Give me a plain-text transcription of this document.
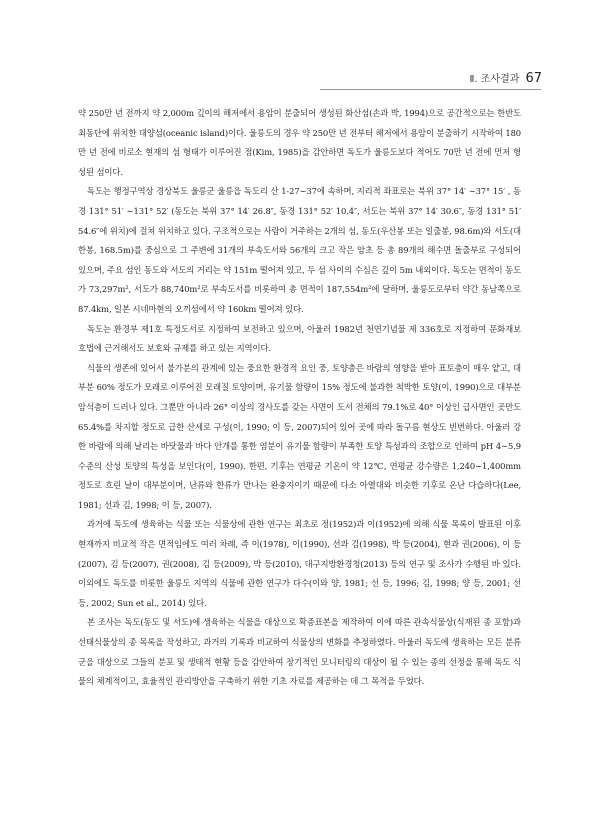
Ⅱ. 조사결과 67

약 250만 년 전까지 약 2,000m 깊이의 해저에서 용암이 분출되어 생성된 화산섬(손과 박, 1994)으로 공간적으로는 한반도 최동단에 위치한 대양섬(oceanic island)이다. 울릉도의 경우 약 250만 년 전부터 해저에서 용암이 분출하기 시작하여 180만 년 전에 비로소 현재의 섬 형태가 이루어진 점(Kim, 1985)을 감안하면 독도가 울릉도보다 적어도 70만 년 전에 먼저 형성된 섬이다.

독도는 행정구역상 경상북도 울릉군 울릉읍 독도리 산 1-27∼37에 속하며, 지리적 좌표로는 북위 37° 14′ ∼37° 15′ , 동경 131° 51′ ∼131° 52′ (동도는 북위 37° 14′ 26.8″, 동경 131° 52′ 10.4″, 서도는 북위 37° 14′ 30.6″, 동경 131° 51′ 54.6″에 위치)에 걸쳐 위치하고 있다. 구조적으로는 사람이 거주하는 2개의 섬, 동도(우산봉 또는 일출봉, 98.6m)와 서도(대한봉, 168.5m)를 중심으로 그 주변에 31개의 부속도서와 56개의 크고 작은 암초 등 총 89개의 해수면 돌출부로 구성되어 있으며, 주요 섬인 동도와 서도의 거리는 약 151m 떨어져 있고, 두 섬 사이의 수심은 깊이 5m 내외이다. 독도는 면적이 동도가 73,297m², 서도가 88,740m²로 부속도서를 비롯하여 총 면적이 187,554m²에 달하며, 울릉도로부터 약간 동남쪽으로 87.4km, 일본 시네마현의 오끼섬에서 약 160km 떨어져 있다.

독도는 환경부 제1호 특정도서로 지정하여 보전하고 있으며, 아울러 1982년 천연기념물 제 336호로 지정하여 문화재보호법에 근거해서도 보호와 규제를 하고 있는 지역이다.

식물의 생존에 있어서 불가분의 관계에 있는 중요한 환경적 요인 중, 토양층은 바람의 영향을 받아 표토층이 매우 얕고, 대부분 60% 정도가 모래로 이루어진 모래질 토양이며, 유기물 함량이 15% 정도에 불과한 척박한 토양(이, 1990)으로 대부분 암석층이 드러나 있다. 그뿐만 아니라 26° 이상의 경사도를 갖는 사면이 도서 전체의 79.1%로 40° 이상인 급사면인 곳만도 65.4%를 차지할 정도로 급한 산세로 구성(이, 1990; 이 등, 2007)되어 있어 곳에 따라 돌구름 현상도 빈번하다. 아울러 강한 바람에 의해 날리는 바닷물과 바다 안개를 통한 염분이 유기물 함량이 부족한 토양 특성과의 조합으로 인하여 pH 4∼5.9 수준의 산성 토양의 특성을 보인다(이, 1990). 한편, 기후는 연평균 기온이 약 12℃, 연평균 강수량은 1,240∼1,400mm 정도로 흐린 날이 대부분이며, 난류와 한류가 만나는 완충지이기 때문에 다소 아열대와 비슷한 기후로 온난 다습하다(Lee, 1981; 선과 김, 1998; 이 등, 2007).

과거에 독도에 생육하는 식물 또는 식물상에 관한 연구는 최초로 정(1952)과 이(1952)에 의해 식물 목록이 발표된 이후 현재까지 비교적 작은 면적임에도 여러 차례, 즉 이(1978), 이(1990), 선과 김(1998), 박 등(2004), 현과 권(2006), 이 등(2007), 김 등(2007), 권(2008), 김 등(2009), 박 등(2010), 대구지방환경청(2013) 등의 연구 및 조사가 수행된 바 있다. 이외에도 독도를 비롯한 울릉도 지역의 식물에 관한 연구가 다수(이와 양, 1981; 선 등, 1996; 김, 1998; 양 등, 2001; 선 등, 2002; Sun et al., 2014) 있다.

본 조사는 독도(동도 및 서도)에 생육하는 식물을 대상으로 확증표본을 제작하여 이에 따른 관속식물상(식재된 종 포함)과 선태식물상의 종 목록을 작성하고, 과거의 기록과 비교하여 식물상의 변화를 추정하였다. 아울러 독도에 생육하는 모든 분류군을 대상으로 그들의 분포 및 생태적 현황 등을 감안하여 장기적인 모니터링의 대상이 될 수 있는 종의 선정을 통해 독도 식물의 체계적이고, 효율적인 관리방안을 구축하기 위한 기초 자료를 제공하는 데 그 목적을 두었다.
